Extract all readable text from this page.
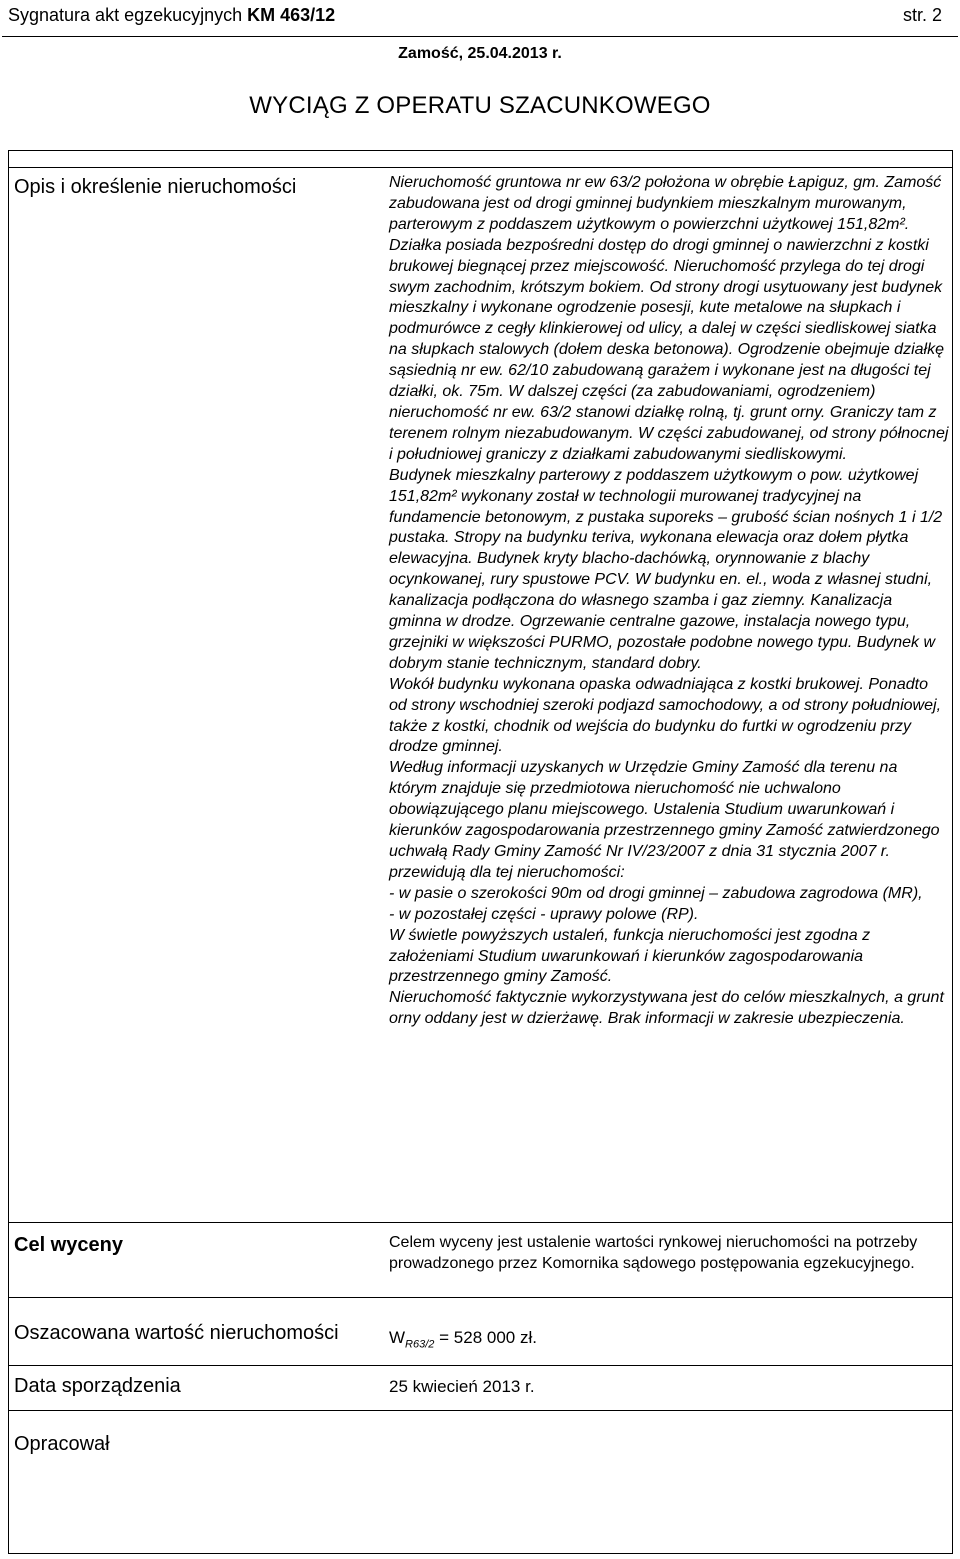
Sygnatura akt egzekucyjnych KM 463/12	str. 2
Zamość, 25.04.2013 r.
WYCIĄG Z OPERATU SZACUNKOWEGO
Opis i określenie nieruchomości	Nieruchomość gruntowa nr ew 63/2 położona w obrębie Łapiguz, gm. Zamość zabudowana jest od drogi gminnej budynkiem mieszkalnym murowanym, parterowym z poddaszem użytkowym o powierzchni użytkowej 151,82m². Działka posiada bezpośredni dostęp do drogi gminnej o nawierzchni z kostki brukowej biegnącej przez miejscowość. Nieruchomość przylega do tej drogi swym zachodnim, krótszym bokiem. Od strony drogi usytuowany jest budynek mieszkalny i wykonane ogrodzenie posesji, kute metalowe na słupkach i podmurówce z cegły klinkierowej od ulicy, a dalej w części siedliskowej siatka na słupkach stalowych (dołem deska betonowa). Ogrodzenie obejmuje działkę sąsiednią nr ew. 62/10 zabudowaną garażem i wykonane jest na długości tej działki, ok. 75m. W dalszej części (za zabudowaniami, ogrodzeniem) nieruchomość nr ew. 63/2 stanowi działkę rolną, tj. grunt orny. Graniczy tam z terenem rolnym niezabudowanym. W części zabudowanej, od strony północnej i południowej graniczy z działkami zabudowanymi siedliskowymi.
Budynek mieszkalny parterowy z poddaszem użytkowym o pow. użytkowej 151,82m² wykonany został w technologii murowanej tradycyjnej na fundamencie betonowym, z pustaka suporeks – grubość ścian nośnych 1 i 1/2 pustaka. Stropy na budynku teriva, wykonana elewacja oraz dołem płytka elewacyjna. Budynek kryty blacho-dachówką, orynnowanie z blachy ocynkowanej, rury spustowe PCV. W budynku en. el., woda z własnej studni, kanalizacja podłączona do własnego szamba i gaz ziemny. Kanalizacja gminna w drodze. Ogrzewanie centralne gazowe, instalacja nowego typu, grzejniki w większości PURMO, pozostałe podobne nowego typu. Budynek w dobrym stanie technicznym, standard dobry.
Wokół budynku wykonana opaska odwadniająca z kostki brukowej. Ponadto od strony wschodniej szeroki podjazd samochodowy, a od strony południowej, także z kostki, chodnik od wejścia do budynku do furtki w ogrodzeniu przy drodze gminnej.
Według informacji uzyskanych w Urzędzie Gminy Zamość dla terenu na którym znajduje się przedmiotowa nieruchomość nie uchwalono obowiązującego planu miejscowego. Ustalenia Studium uwarunkowań i kierunków zagospodarowania przestrzennego gminy Zamość zatwierdzonego uchwałą Rady Gminy Zamość Nr IV/23/2007 z dnia 31 stycznia 2007 r. przewidują dla tej nieruchomości:
- w pasie o szerokości 90m od drogi gminnej – zabudowa zagrodowa (MR),
- w pozostałej części - uprawy polowe (RP).
W świetle powyższych ustaleń, funkcja nieruchomości jest zgodna z założeniami Studium uwarunkowań i kierunków zagospodarowania przestrzennego gminy Zamość.
Nieruchomość faktycznie wykorzystywana jest do celów mieszkalnych, a grunt orny oddany jest w dzierżawę. Brak informacji w zakresie ubezpieczenia.
Cel wyceny	Celem wyceny jest ustalenie wartości rynkowej nieruchomości na potrzeby prowadzonego przez Komornika sądowego postępowania egzekucyjnego.
Oszacowana wartość nieruchomości	$W_{R63/2} = 528$ 000 zł.
Data sporządzenia	25 kwiecień 2013 r.
Opracował
